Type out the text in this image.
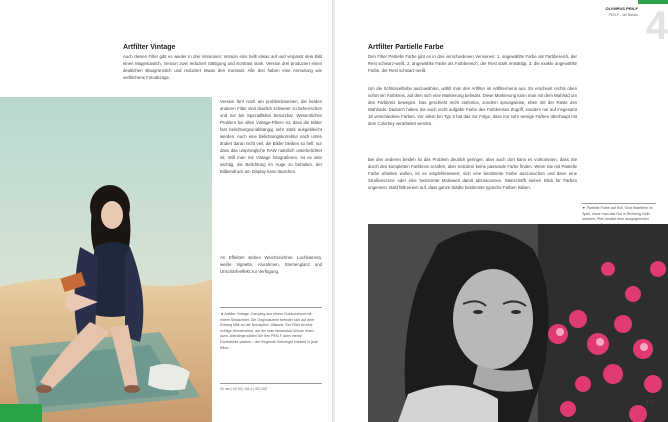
Artfilter Vintage

Auch diesen Filter gibt es wieder in drei Versionen: Version eins hellt etwas auf und verpasst dem Bild einen Magentastich, Version zwei reduziert Sättigung und Kontrast stark. Version drei produziert einen deutlichen Blaugrünstich und reduziert etwas den Kontrast. Alle drei haben eine Anmutung wie verblichene Fotoabzüge.

Version fünf noch am problemlosesten, die beiden anderen Filter sind deutlich schwerer zu beherrschen und nur bei Spezialfällen benutzbar. Wesentliches Problem bei allen Vintage-Filtern ist, dass die Bilder fast belichtungsunabhängig sehr stark ausgebleicht werden. Auch eine Belichtungskorrektur nach unten ändert daran nicht viel, die Bilder bleiben so hell; nur dass das ursprüngliche RAW natürlich unterbelichtet ist. Will man mit Vintage fotografieren, ist es also wichtig, die Belichtung im Auge zu behalten, der Bildeindruck am Display kann täuschen.

An Effekten stehen Weichzeichner, Lochkamera, weiße Vignette, Alurahmen, Sternenglanz und Unschärfeeffekt zur Verfügung.

◄ Artfilter Vintage. Camping aus einem Outdoorshoot mit einem Stirdachset. Die Originalszene befindet sich auf dem Rotweg Milk an der Nordspitze Jütlands. Der Filter ist eine richtige Wunderdüne, auf der man fantastisch Würde lesen kann. Allerdings sollten Sie Ihre PEN-F dann meine Fundstücke packen – der fliegende Schmirgel knirscht in jede Ritze.

30 mm | f/2.00 | 1/6,4 | ISO 200

4
OLYMPUS PEN-F
PEN-F – die Basics
Artfilter Partielle Farbe

Den Filter Partielle Farbe gibt es in drei verschiedenen Versionen: 1. angewählte Farbe als Farbbereich, der Rest schwarz-weiß, 2. angewählte Farbe als Farbbereich, der Rest stark entsättigt, 3. die exakte angewählte Farbe, der Rest schwarz-weiß.

Um die Schlüsselfarbe auszuwählen, wählt man den Artfilter im Artfiltermenü aus. Es erscheint rechts oben sofort ein Farbkreis, auf dem sich eine Markierung befindet. Diese Markierung kann man mit dem Wahlrad um den Farbkreis bewegen. Das geschieht recht stufenlos, sondern sprungweise, eben mit der Raste des Wahlrads. Dadurch haben Sie auch recht aufgabe Farbe des Farbkreises Zugriff, sondern nur auf insgesamt 18 verschiedene Farben. Vor allem bei Typ 3 hat das zur Folge, dass nur sehr wenige Farben überhaupt mit dem Colorkey verarbeitet werden.

Bei den anderen beiden ist das Problem deutlich geringer, aber auch dort kann es vorkommen, dass Sie durch den kompletten Farbkreis scrollen, aber trotzdem keine passende Farbe finden. Wenn Sie mit Partielle Farbe arbeiten wollen, ist es empfehlenswert, sich eine bestimmte Farbe auszusuchen und dann eine Straßenszene oder eine bestimmte Motivwelt damit abzuscannen. Manschäfft seinen Blick für Farben ungemein. Bald fällt einem auf, dass ganze Städte bestimmte typische Farben haben.

▼ Partielle Farbe auf Rot. Sind Haarfilme im Spiel, muss man das Rot in Richtung Gelb nehmen, Pink bewirkt eine ausgegrenzten

113
